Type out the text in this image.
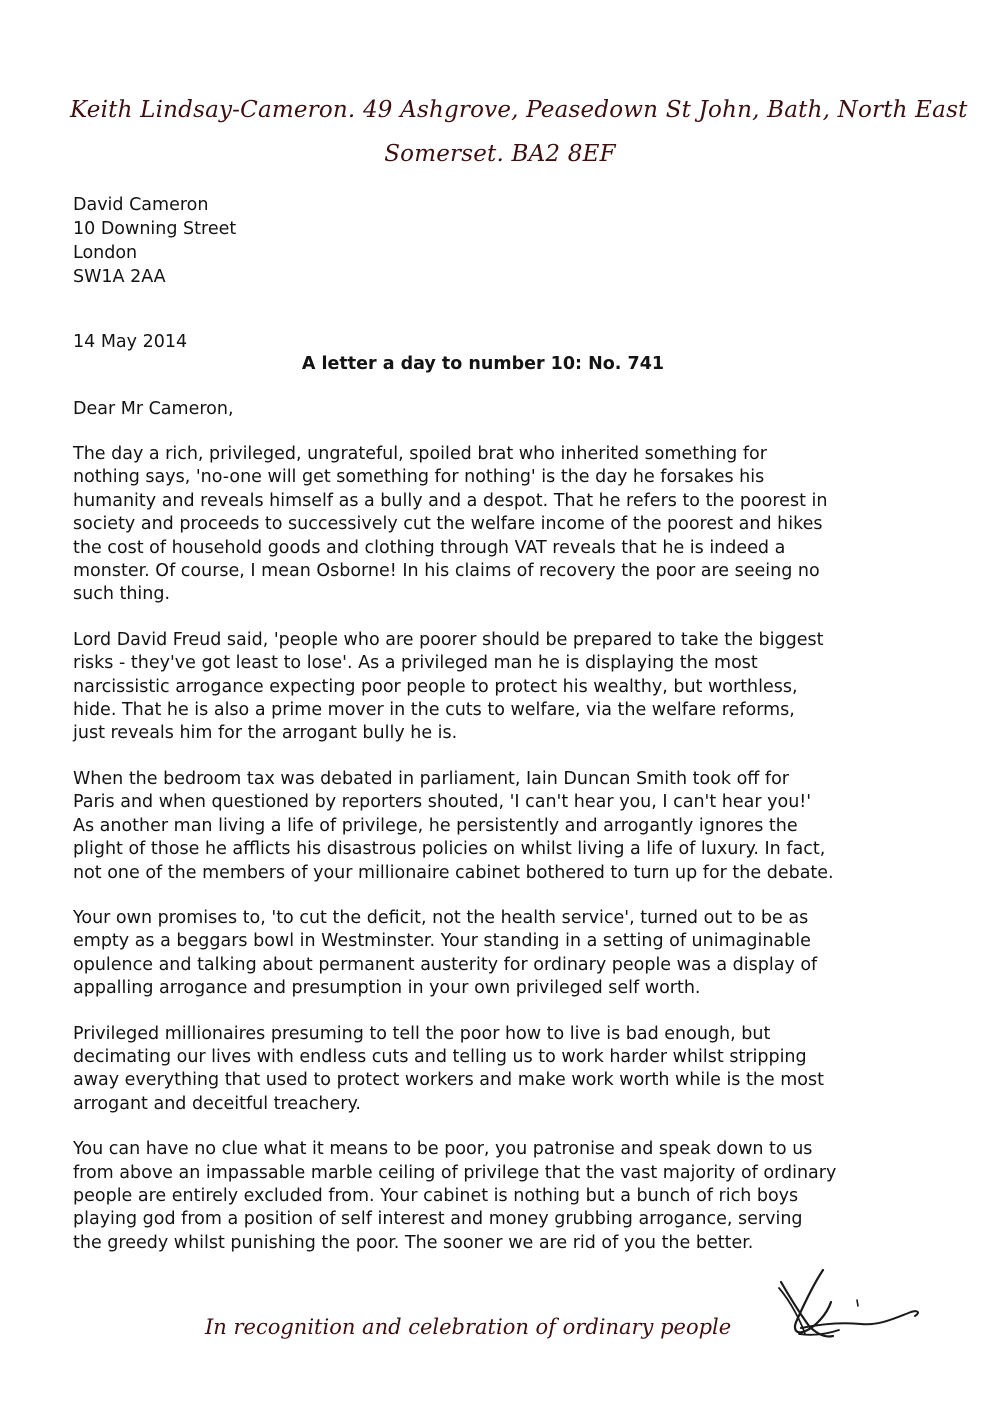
Keith Lindsay-Cameron. 49 Ashgrove, Peasedown St John, Bath, North East
Somerset. BA2 8EF
David Cameron
10 Downing Street
London
SW1A 2AA
14 May 2014
A letter a day to number 10: No. 741
Dear Mr Cameron,

The day a rich, privileged, ungrateful, spoiled brat who inherited something for
nothing says, 'no-one will get something for nothing' is the day he forsakes his
humanity and reveals himself as a bully and a despot. That he refers to the poorest in
society and proceeds to successively cut the welfare income of the poorest and hikes
the cost of household goods and clothing through VAT reveals that he is indeed a
monster. Of course, I mean Osborne! In his claims of recovery the poor are seeing no
such thing.

Lord David Freud said, 'people who are poorer should be prepared to take the biggest
risks - they've got least to lose'. As a privileged man he is displaying the most
narcissistic arrogance expecting poor people to protect his wealthy, but worthless,
hide. That he is also a prime mover in the cuts to welfare, via the welfare reforms,
just reveals him for the arrogant bully he is.

When the bedroom tax was debated in parliament, Iain Duncan Smith took off for
Paris and when questioned by reporters shouted, 'I can't hear you, I can't hear you!'
As another man living a life of privilege, he persistently and arrogantly ignores the
plight of those he afflicts his disastrous policies on whilst living a life of luxury. In fact,
not one of the members of your millionaire cabinet bothered to turn up for the debate.

Your own promises to, 'to cut the deficit, not the health service', turned out to be as
empty as a beggars bowl in Westminster. Your standing in a setting of unimaginable
opulence and talking about permanent austerity for ordinary people was a display of
appalling arrogance and presumption in your own privileged self worth.

Privileged millionaires presuming to tell the poor how to live is bad enough, but
decimating our lives with endless cuts and telling us to work harder whilst stripping
away everything that used to protect workers and make work worth while is the most
arrogant and deceitful treachery.

You can have no clue what it means to be poor, you patronise and speak down to us
from above an impassable marble ceiling of privilege that the vast majority of ordinary
people are entirely excluded from. Your cabinet is nothing but a bunch of rich boys
playing god from a position of self interest and money grubbing arrogance, serving
the greedy whilst punishing the poor. The sooner we are rid of you the better.

In recognition and celebration of ordinary people
